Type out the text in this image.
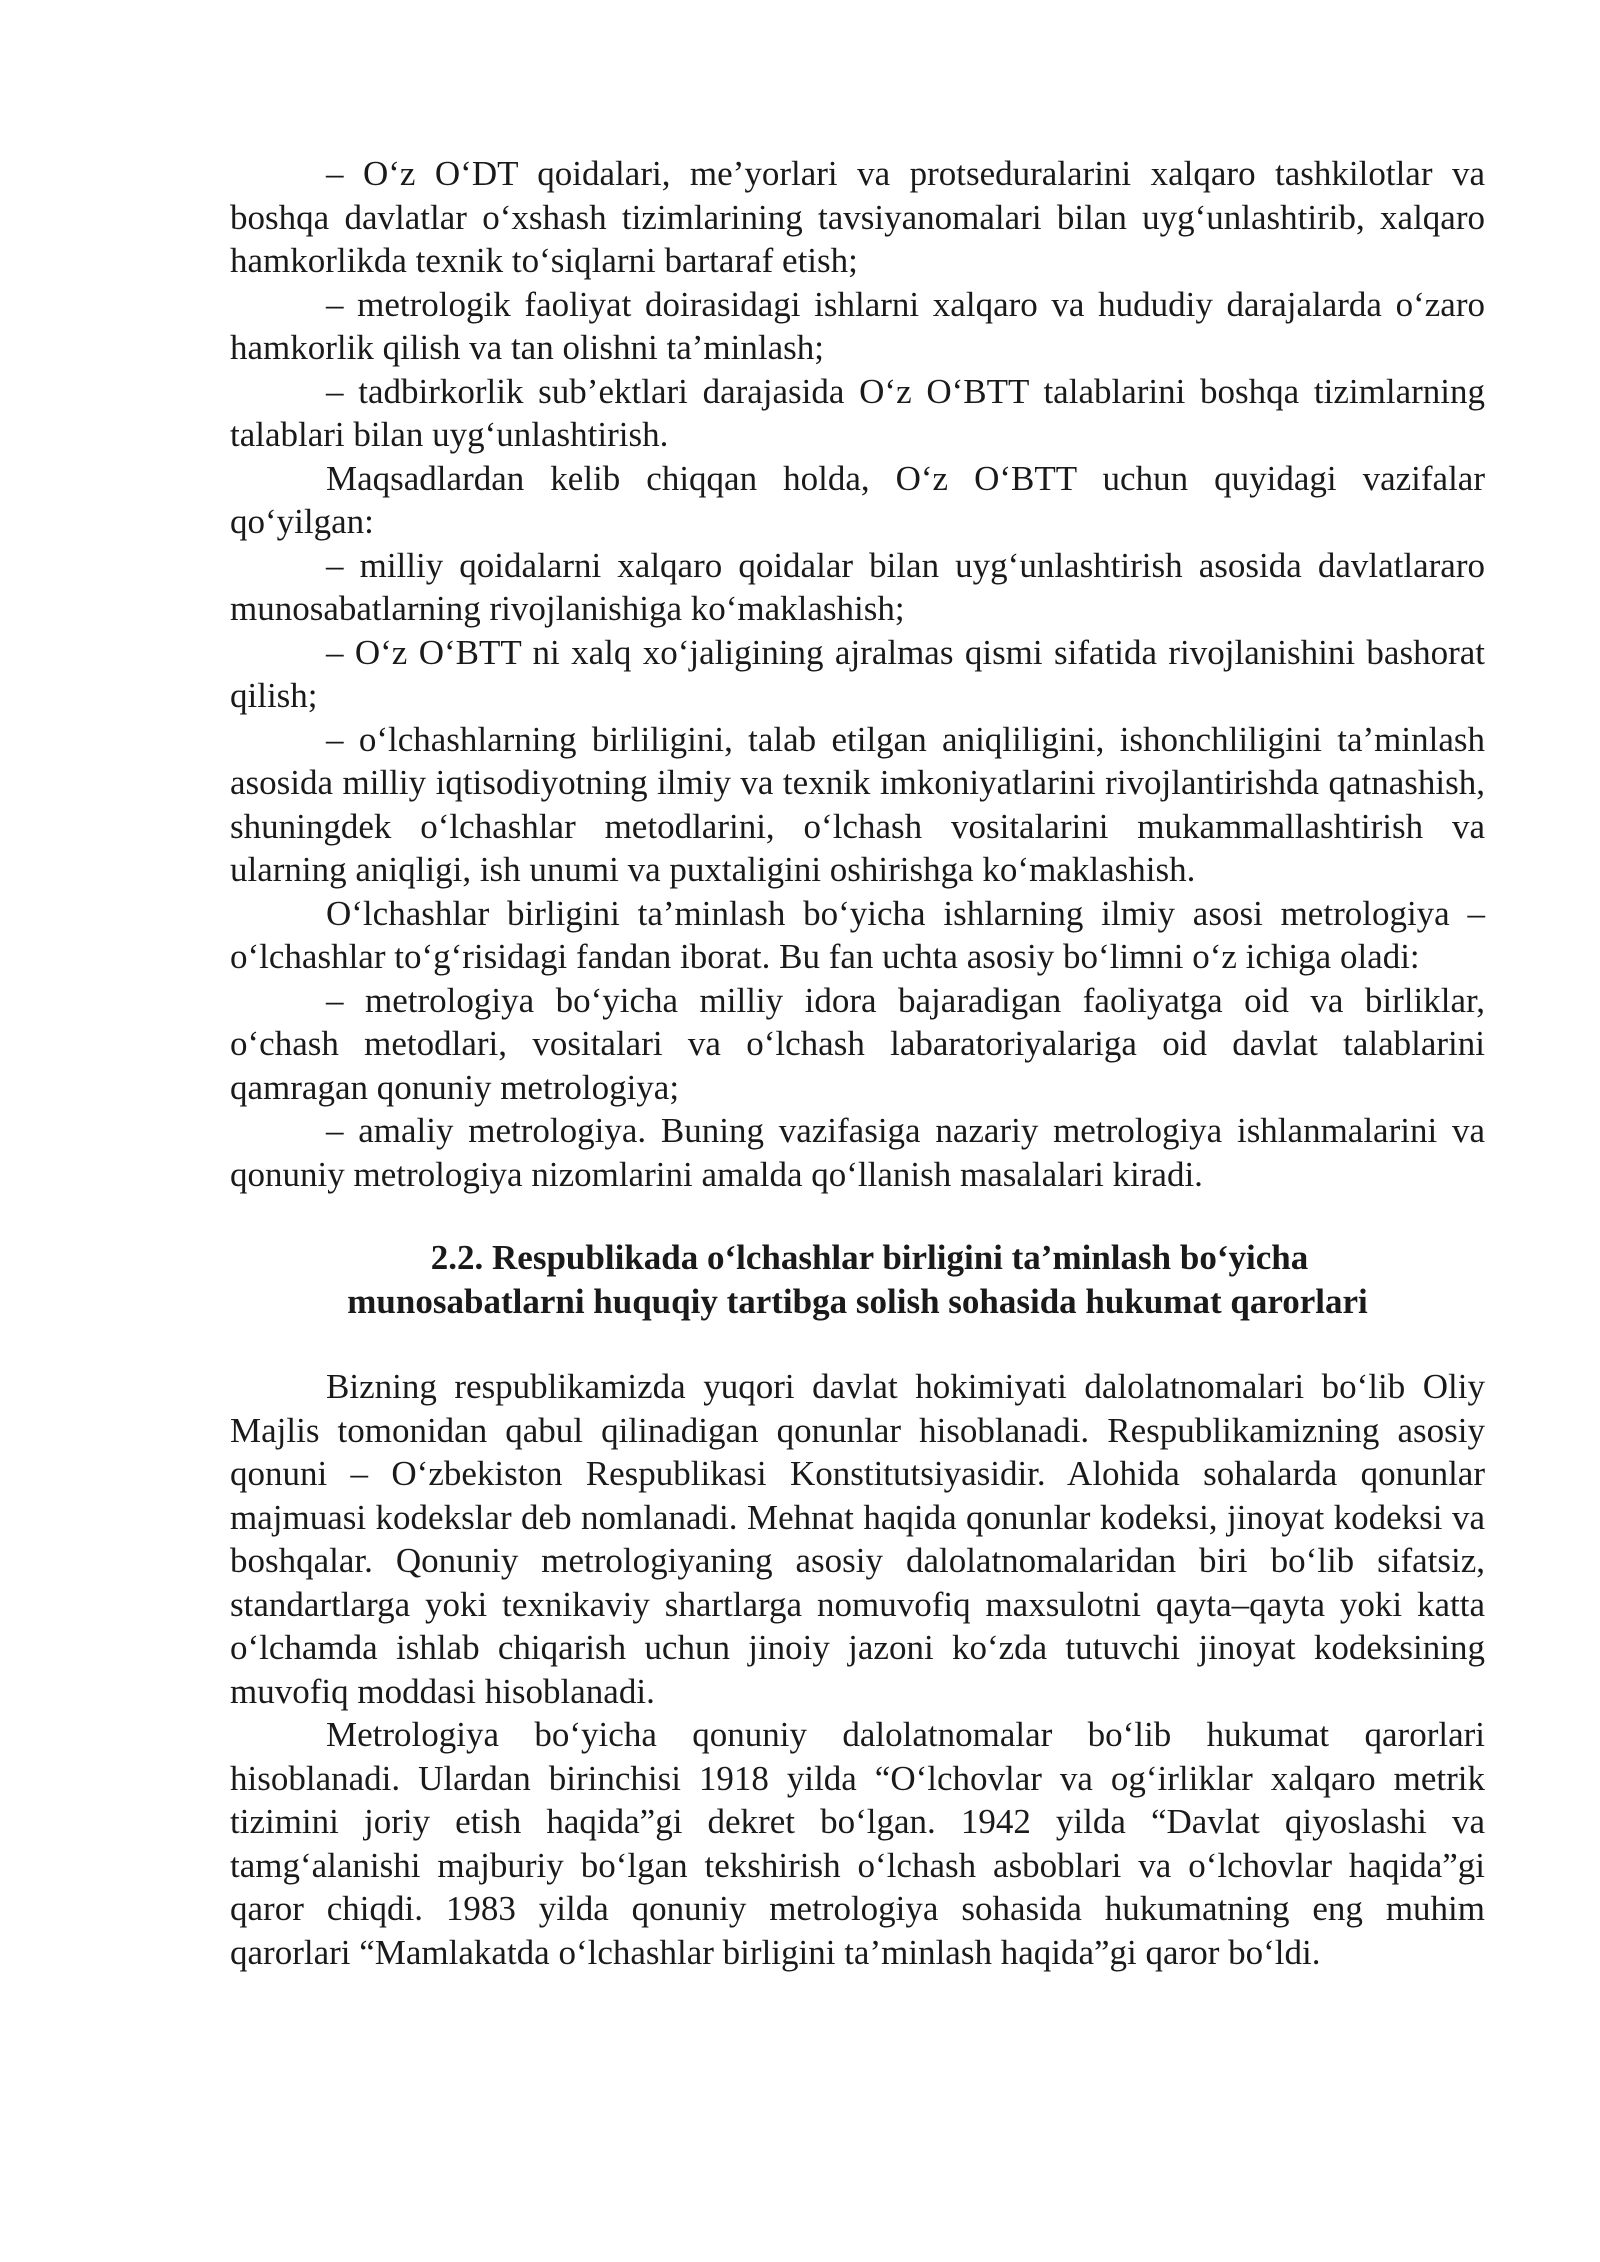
– O‘z O‘DT qoidalari, me’yorlari va protseduralarini xalqaro tashkilotlar va boshqa davlatlar o‘xshash tizimlarining tavsiyanomalari bilan uyg‘unlashtirib, xalqaro hamkorlikda texnik to‘siqlarni bartaraf etish;

– metrologik faoliyat doirasidagi ishlarni xalqaro va hududiy darajalarda o‘zaro hamkorlik qilish va tan olishni ta’minlash;

– tadbirkorlik sub’ektlari darajasida O‘z O‘BTT talablarini boshqa tizimlarning talablari bilan uyg‘unlashtirish.

Maqsadlardan kelib chiqqan holda, O‘z O‘BTT uchun quyidagi vazifalar qo‘yilgan:

– milliy qoidalarni xalqaro qoidalar bilan uyg‘unlashtirish asosida davlatlararo munosabatlarning rivojlanishiga ko‘maklashish;

– O‘z O‘BTT ni xalq xo‘jaligining ajralmas qismi sifatida rivojlanishini bashorat qilish;

– o‘lchashlarning birliligini, talab etilgan aniqliligini, ishonchliligini ta’minlash asosida milliy iqtisodiyotning ilmiy va texnik imkoniyatlarini rivojlantirishda qatnashish, shuningdek o‘lchashlar metodlarini, o‘lchash vositalarini mukammallashtirish va ularning aniqligi, ish unumi va puxtaligini oshirishga ko‘maklashish.

O‘lchashlar birligini ta’minlash bo‘yicha ishlarning ilmiy asosi metrologiya – o‘lchashlar to‘g‘risidagi fandan iborat. Bu fan uchta asosiy bo‘limni o‘z ichiga oladi:

– metrologiya bo‘yicha milliy idora bajaradigan faoliyatga oid va birliklar, o‘chash metodlari, vositalari va o‘lchash labaratoriyalariga oid davlat talablarini qamragan qonuniy metrologiya;

– amaliy metrologiya. Buning vazifasiga nazariy metrologiya ishlanmalarini va qonuniy metrologiya nizomlarini amalda qo‘llanish masalalari kiradi.

2.2. Respublikada o‘lchashlar birligini ta’minlash bo‘yicha
munosabatlarni huquqiy tartibga solish sohasida hukumat qarorlari

Bizning respublikamizda yuqori davlat hokimiyati dalolatnomalari bo‘lib Oliy Majlis tomonidan qabul qilinadigan qonunlar hisoblanadi. Respublikamizning asosiy qonuni – O‘zbekiston Respublikasi Konstitutsiyasidir. Alohida sohalarda qonunlar majmuasi kodekslar deb nomlanadi. Mehnat haqida qonunlar kodeksi, jinoyat kodeksi va boshqalar. Qonuniy metrologiyaning asosiy dalolatnomalaridan biri bo‘lib sifatsiz, standartlarga yoki texnikaviy shartlarga nomuvofiq maxsulotni qayta–qayta yoki katta o‘lchamda ishlab chiqarish uchun jinoiy jazoni ko‘zda tutuvchi jinoyat kodeksining muvofiq moddasi hisoblanadi.

Metrologiya bo‘yicha qonuniy dalolatnomalar bo‘lib hukumat qarorlari hisoblanadi. Ulardan birinchisi 1918 yilda “O‘lchovlar va og‘irliklar xalqaro metrik tizimini joriy etish haqida”gi dekret bo‘lgan. 1942 yilda “Davlat qiyoslashi va tamg‘alanishi majburiy bo‘lgan tekshirish o‘lchash asboblari va o‘lchovlar haqida”gi qaror chiqdi. 1983 yilda qonuniy metrologiya sohasida hukumatning eng muhim qarorlari “Mamlakatda o‘lchashlar birligini ta’minlash haqida”gi qaror bo‘ldi.
